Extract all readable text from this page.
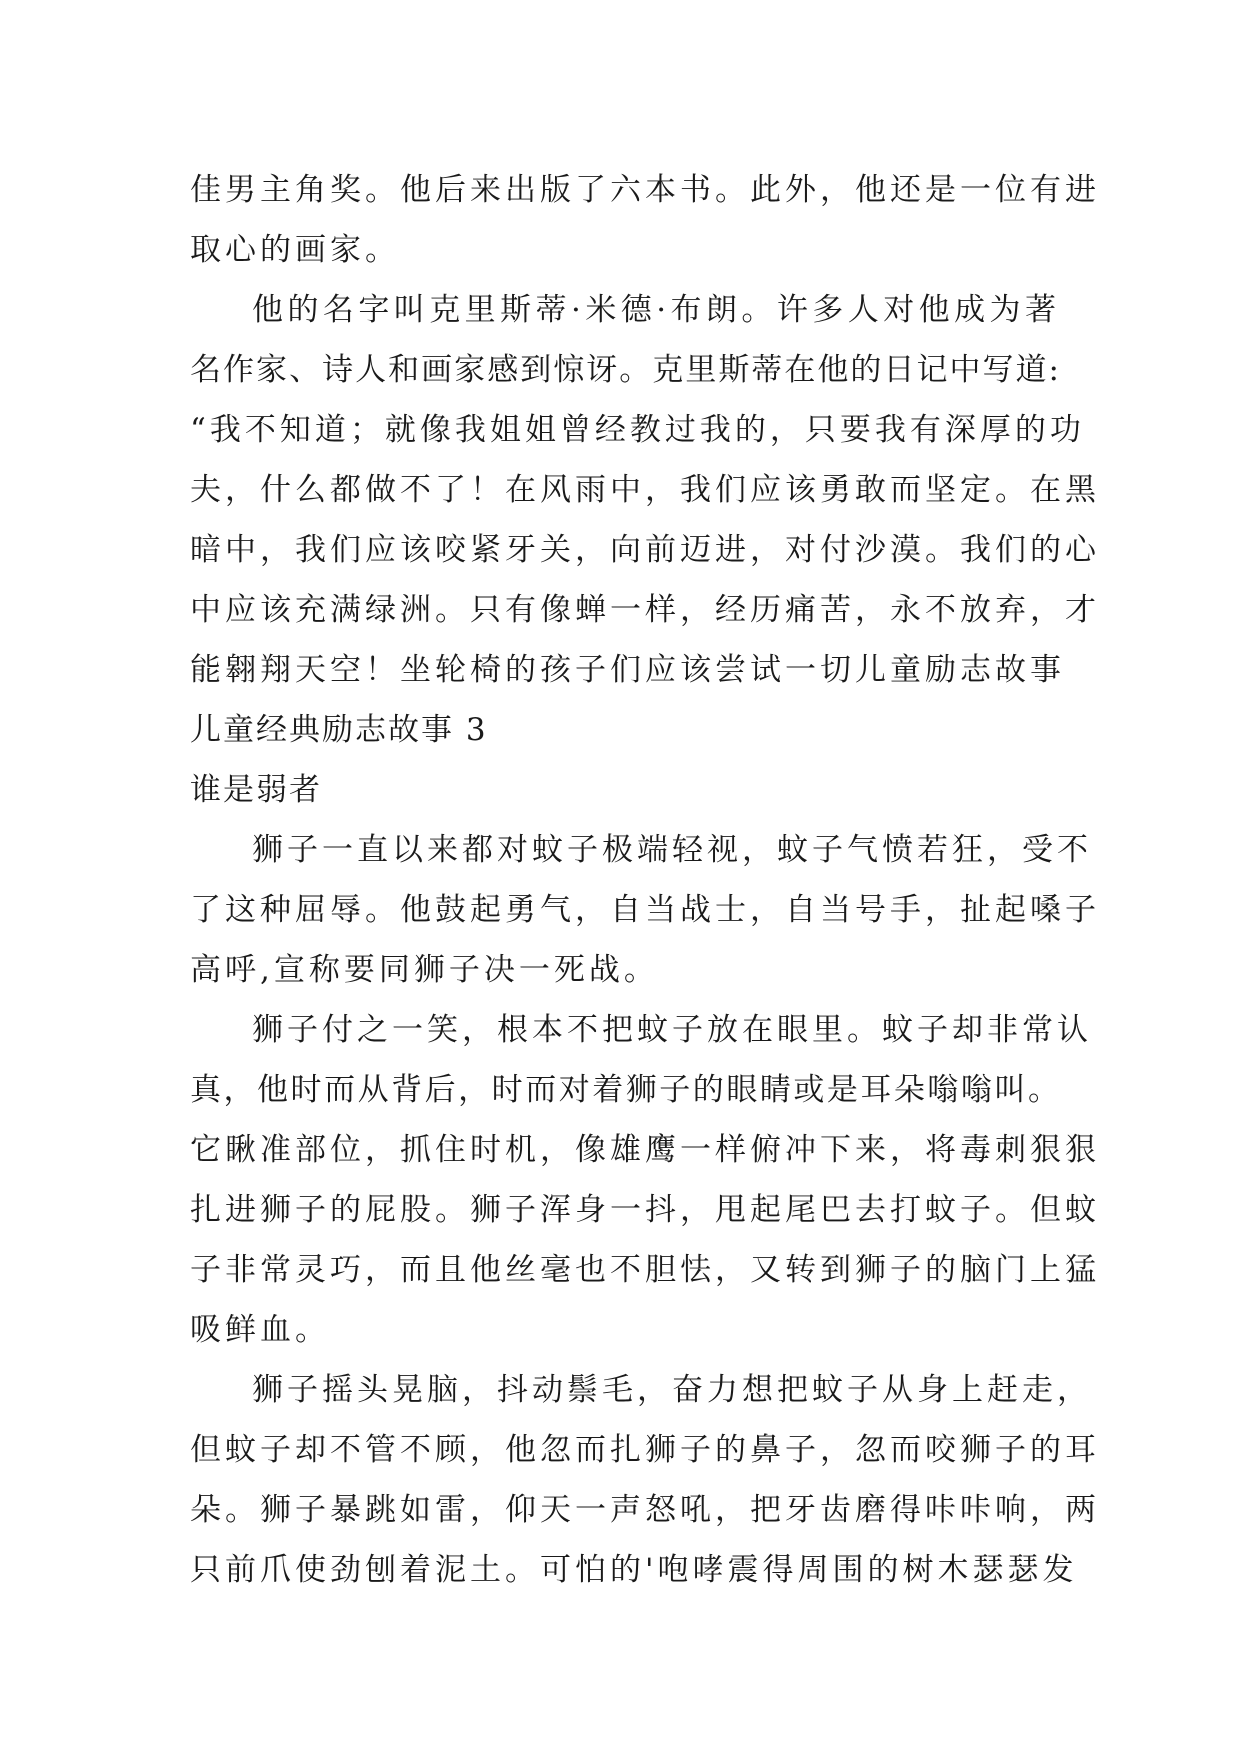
佳男主角奖。他后来出版了六本书。此外，他还是一位有进
取心的画家。
他的名字叫克里斯蒂·米德·布朗。许多人对他成为著
名作家、诗人和画家感到惊讶。克里斯蒂在他的日记中写道:
“我不知道；就像我姐姐曾经教过我的，只要我有深厚的功
夫，什么都做不了！在风雨中，我们应该勇敢而坚定。在黑
暗中，我们应该咬紧牙关，向前迈进，对付沙漠。我们的心
中应该充满绿洲。只有像蝉一样，经历痛苦，永不放弃，才
能翱翔天空！坐轮椅的孩子们应该尝试一切儿童励志故事
儿童经典励志故事 3
谁是弱者
狮子一直以来都对蚊子极端轻视，蚊子气愤若狂，受不
了这种屈辱。他鼓起勇气，自当战士，自当号手，扯起嗓子
高呼,宣称要同狮子决一死战。
狮子付之一笑，根本不把蚊子放在眼里。蚊子却非常认
真，他时而从背后，时而对着狮子的眼睛或是耳朵嗡嗡叫。
它瞅准部位，抓住时机，像雄鹰一样俯冲下来，将毒刺狠狠
扎进狮子的屁股。狮子浑身一抖，甩起尾巴去打蚊子。但蚊
子非常灵巧，而且他丝毫也不胆怯，又转到狮子的脑门上猛
吸鲜血。
狮子摇头晃脑，抖动鬃毛，奋力想把蚊子从身上赶走，
但蚊子却不管不顾，他忽而扎狮子的鼻子，忽而咬狮子的耳
朵。狮子暴跳如雷，仰天一声怒吼，把牙齿磨得咔咔响，两
只前爪使劲刨着泥土。可怕的'咆哮震得周围的树木瑟瑟发
